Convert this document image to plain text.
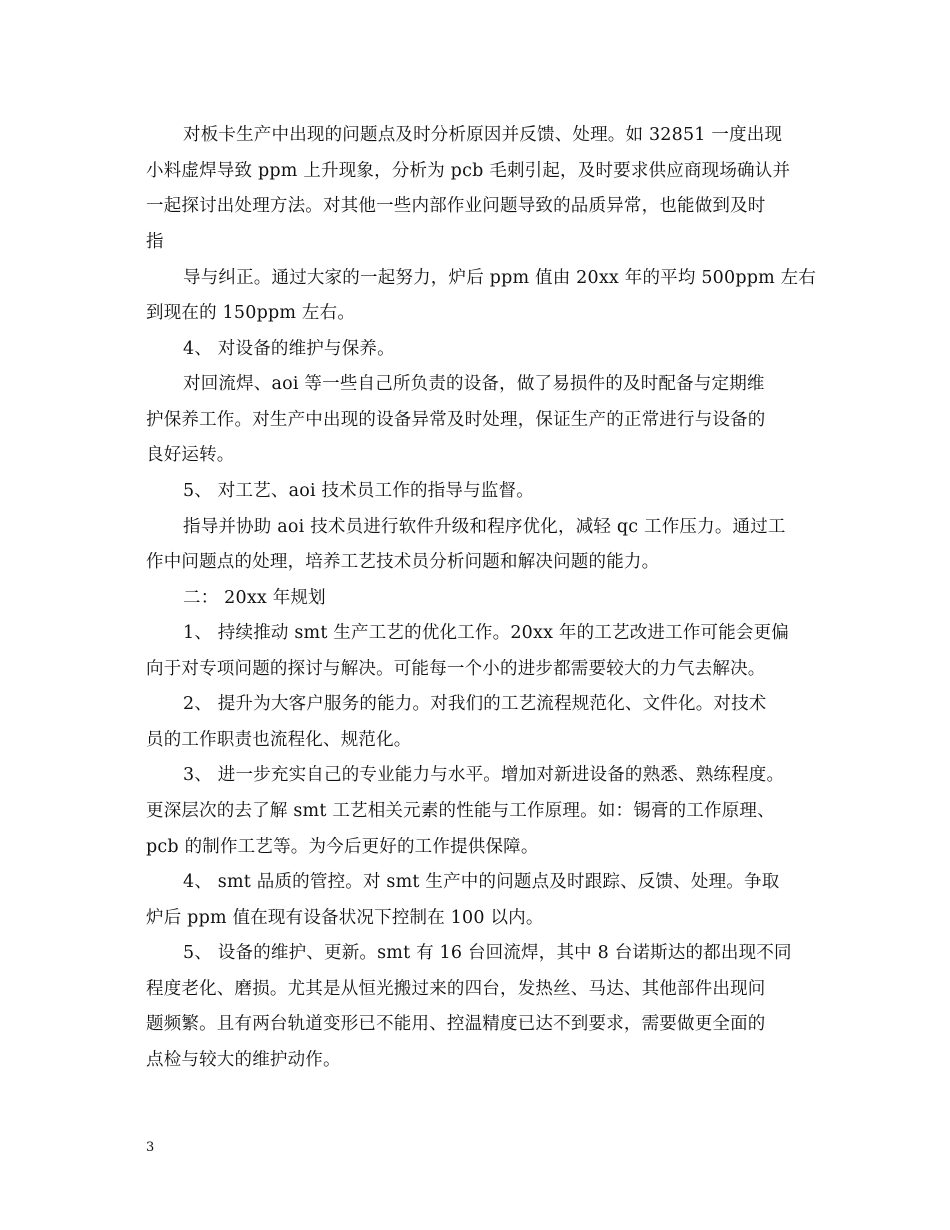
对板卡生产中出现的问题点及时分析原因并反馈、处理。如 32851 一度出现
小料虚焊导致 ppm 上升现象，分析为 pcb 毛刺引起，及时要求供应商现场确认并
一起探讨出处理方法。对其他一些内部作业问题导致的品质异常，也能做到及时
指
导与纠正。通过大家的一起努力，炉后 ppm 值由 20xx 年的平均 500ppm 左右
到现在的 150ppm 左右。
4、 对设备的维护与保养。
对回流焊、aoi 等一些自己所负责的设备，做了易损件的及时配备与定期维
护保养工作。对生产中出现的设备异常及时处理，保证生产的正常进行与设备的
良好运转。
5、 对工艺、aoi 技术员工作的指导与监督。
指导并协助 aoi 技术员进行软件升级和程序优化，减轻 qc 工作压力。通过工
作中问题点的处理，培养工艺技术员分析问题和解决问题的能力。
二： 20xx 年规划
1、 持续推动 smt 生产工艺的优化工作。20xx 年的工艺改进工作可能会更偏
向于对专项问题的探讨与解决。可能每一个小的进步都需要较大的力气去解决。
2、 提升为大客户服务的能力。对我们的工艺流程规范化、文件化。对技术
员的工作职责也流程化、规范化。
3、 进一步充实自己的专业能力与水平。增加对新进设备的熟悉、熟练程度。
更深层次的去了解 smt 工艺相关元素的性能与工作原理。如：锡膏的工作原理、
pcb 的制作工艺等。为今后更好的工作提供保障。
4、 smt 品质的管控。对 smt 生产中的问题点及时跟踪、反馈、处理。争取
炉后 ppm 值在现有设备状况下控制在 100 以内。
5、 设备的维护、更新。smt 有 16 台回流焊，其中 8 台诺斯达的都出现不同
程度老化、磨损。尤其是从恒光搬过来的四台，发热丝、马达、其他部件出现问
题频繁。且有两台轨道变形已不能用、控温精度已达不到要求，需要做更全面的
点检与较大的维护动作。
3
